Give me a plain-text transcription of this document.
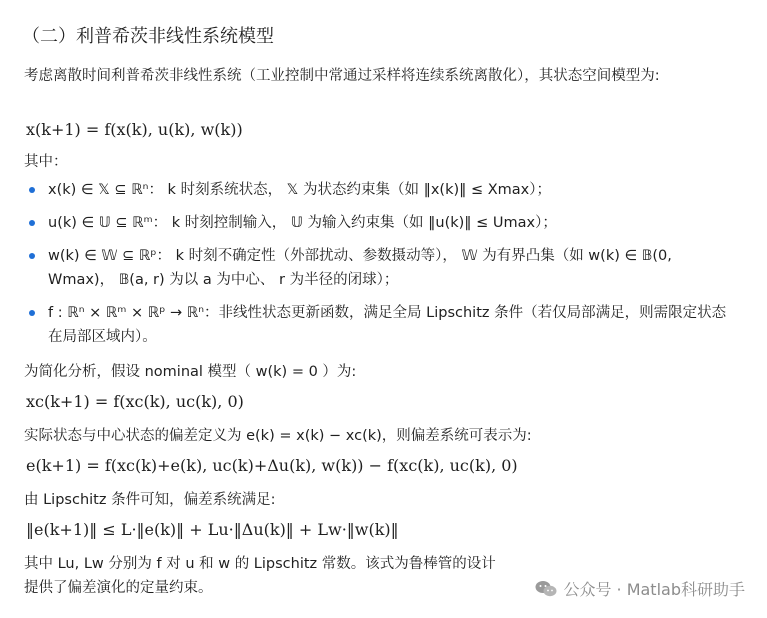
（二）利普希茨非线性系统模型
考虑离散时间利普希茨非线性系统（工业控制中常通过采样将连续系统离散化），其状态空间模型为:
x(k+1) = f(x(k), u(k), w(k))
其中：
x(k) ∈ 𝕏 ⊆ ℝⁿ： k 时刻系统状态， 𝕏 为状态约束集（如 ‖x(k)‖ ≤ Xmax）；
u(k) ∈ 𝕌 ⊆ ℝᵐ： k 时刻控制输入， 𝕌 为输入约束集（如 ‖u(k)‖ ≤ Umax）；
w(k) ∈ 𝕎 ⊆ ℝᵖ： k 时刻不确定性（外部扰动、参数摄动等）， 𝕎 为有界凸集（如 w(k) ∈ 𝔹(0, Wmax)， 𝔹(a, r) 为以 a 为中心、 r 为半径的闭球）；
f : ℝⁿ × ℝᵐ × ℝᵖ → ℝⁿ：非线性状态更新函数，满足全局 Lipschitz 条件（若仅局部满足，则需限定状态在局部区域内）。
为简化分析，假设 nominal 模型（ w(k) = 0 ）为:
xc(k+1) = f(xc(k), uc(k), 0)
实际状态与中心状态的偏差定义为 e(k) = x(k) − xc(k)，则偏差系统可表示为:
e(k+1) = f(xc(k)+e(k), uc(k)+Δu(k), w(k)) − f(xc(k), uc(k), 0)
由 Lipschitz 条件可知，偏差系统满足:
‖e(k+1)‖ ≤ L·‖e(k)‖ + Lu·‖Δu(k)‖ + Lw·‖w(k)‖
其中 Lu, Lw 分别为 f 对 u 和 w 的 Lipschitz 常数。该式为鲁棒管的设计提供了偏差演化的定量约束。	公众号 · Matlab科研助手
